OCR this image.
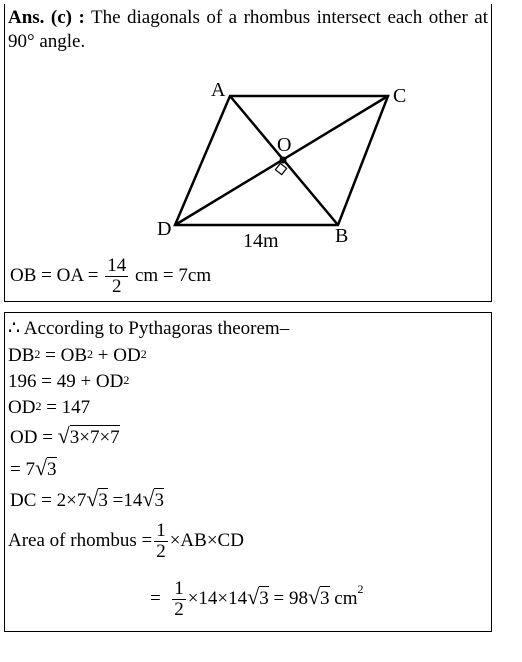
Ans. (c) : The diagonals of a rhombus intersect each other at 90° angle.
A	C
O
D	B
14m
OB = OA = $\frac{14}{2}$ cm = 7cm
∴ According to Pythagoras theorem–
$DB^2 = OB^2 + OD^2$
$196 = 49 + OD^2$
$OD^2 = 147$
OD = √3×7×7
= 7√3
DC = 2×7√3 =14√3
Area of rhombus = $\frac{1}{2} \times AB\times CD$
= $\frac{1}{2} \times 14\times 14√3 = 98√3$ $cm^2$
